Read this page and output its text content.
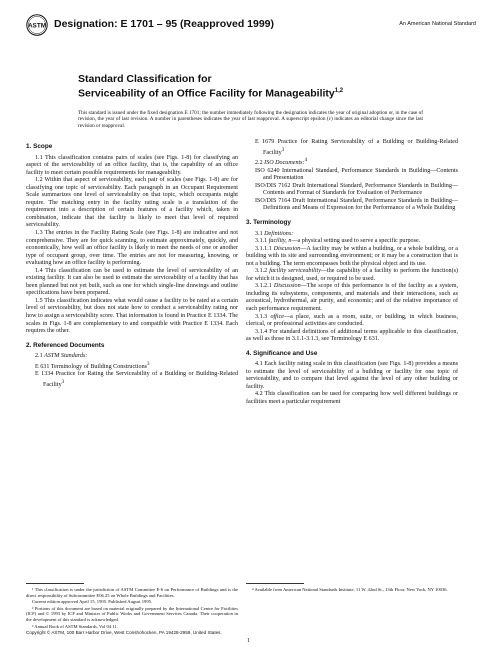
ASTM Designation: E 1701 – 95 (Reapproved 1999)	An American National Standard
Standard Classification for
Serviceability of an Office Facility for Manageability$^{1,2}$
This standard is issued under the fixed designation E 1701; the number immediately following the designation indicates the year of original adoption or, in the case of revision, the year of last revision. A number in parentheses indicates the year of last reapproval. A superscript epsilon (ε) indicates an editorial change since the last revision or reapproval.
1. Scope

1.1 This classification contains pairs of scales (see Figs. 1-8) for classifying an aspect of the serviceability of an office facility, that is, the capability of an office facility to meet certain possible requirements for manageability.

1.2 Within that aspect of serviceability, each pair of scales (see Figs. 1-8) are for classifying one topic of serviceability. Each paragraph in an Occupant Requirement Scale summarizes one level of serviceability on that topic, which occupants might require. The matching entry in the facility rating scale is a translation of the requirement into a description of certain features of a facility which, taken in combination, indicate that the facility is likely to meet that level of required serviceability.

1.3 The entries in the Facility Rating Scale (see Figs. 1-8) are indicative and not comprehensive. They are for quick scanning, to estimate approximately, quickly, and economically, how well an office facility is likely to meet the needs of one or another type of occupant group, over time. The entries are not for measuring, knowing, or evaluating how an office facility is performing.

1.4 This classification can be used to estimate the level of serviceability of an existing facility. It can also be used to estimate the serviceability of a facility that has been planned but not yet built, such as one for which single-line drawings and outline specifications have been prepared.

1.5 This classification indicates what would cause a facility to be rated at a certain level of serviceability, but does not state how to conduct a serviceability rating nor how to assign a serviceability score. That information is found in Practice E 1334. The scales in Figs. 1-8 are complementary to and compatible with Practice E 1334. Each requires the other.

2. Referenced Documents

2.1 ASTM Standards:

E 631 Terminology of Building Constructions$^3$

E 1334 Practice for Rating the Serviceability of a Building or Building-Related Facility$^3$

E 1679 Practice for Rating Serviceability of a Building or Building-Related Facility$^3$

2.2 ISO Documents:$^4$

ISO 6240 International Standard, Performance Standards in Building—Contents and Presentation

ISO/DIS 7162 Draft International Standard, Performance Standards in Building—Contents and Format of Standards for Evaluation of Performance

ISO/DIS 7164 Draft International Standard, Performance Standards in Building—Definitions and Means of Expression for the Performance of a Whole Building

3. Terminology

3.1 Definitions:

3.1.1 facility, n—a physical setting used to serve a specific purpose.

3.1.1.1 Discussion—A facility may be within a building, or a whole building, or a building with its site and surrounding environment; or it may be a construction that is not a building. The term encompasses both the physical object and its use.

3.1.2 facility serviceability—the capability of a facility to perform the function(s) for which it is designed, used, or required to be used.

3.1.2.1 Discussion—The scope of this performance is of the facility as a system, including its subsystems, components, and materials and their interactions, such as acoustical, hydrothermal, air purity, and economic; and of the relative importance of each performance requirement.

3.1.3 office—a place, such as a room, suite, or building, in which business, clerical, or professional activities are conducted.

3.1.4 For standard definitions of additional terms applicable to this classification, as well as those in 3.1.1-3.1.3, see Terminology E 631.

4. Significance and Use

4.1 Each facility rating scale in this classification (see Figs. 1-8) provides a means to estimate the level of serviceability of a building or facility for one topic of serviceability, and to compare that level against the level of any other building or facility.

4.2 This classification can be used for comparing how well different buildings or facilities meet a particular requirement

¹ This classification is under the jurisdiction of ASTM Committee E-6 on Performance of Buildings and is the direct responsibility of Subcommittee E06.25 on Whole Buildings and Facilities.

Current edition approved April 15, 1995. Published August 1995.

² Portions of this document are based on material originally prepared by the International Centre for Facilities (ICF) and © 1993 by ICF and Minister of Public Works and Government Services Canada. Their cooperation in the development of this standard is acknowledged.

³ Annual Book of ASTM Standards, Vol 04.11.

⁴ Available from American National Standards Institute, 11 W. 42nd St., 13th Floor, New York, NY 10036.

Copyright © ASTM, 100 Barr Harbor Drive, West Conshohocken, PA 19428-2959, United States.
1
